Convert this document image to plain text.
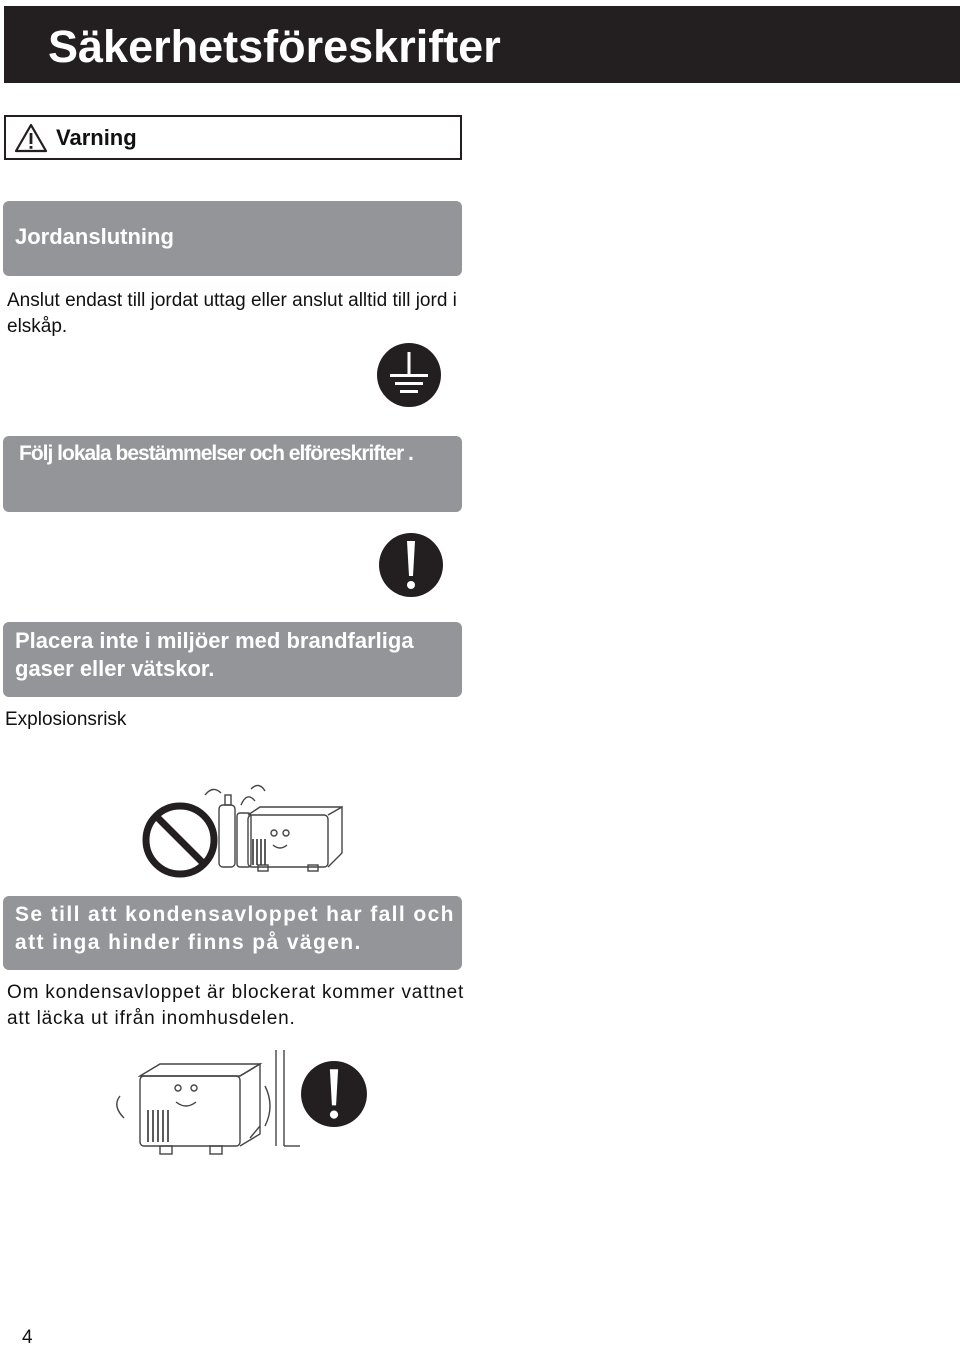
Säkerhetsföreskrifter
Varning
Jordanslutning
Anslut endast till jordat uttag eller anslut alltid till jord i elskåp.
Följ lokala bestämmelser och elföreskrifter .
Placera inte i miljöer med brandfarliga gaser eller vätskor.
Explosionsrisk
Se till att kondensavloppet har fall och att inga hinder finns på vägen.
Om kondensavloppet är blockerat kommer vattnet att läcka ut ifrån inomhusdelen.
4
